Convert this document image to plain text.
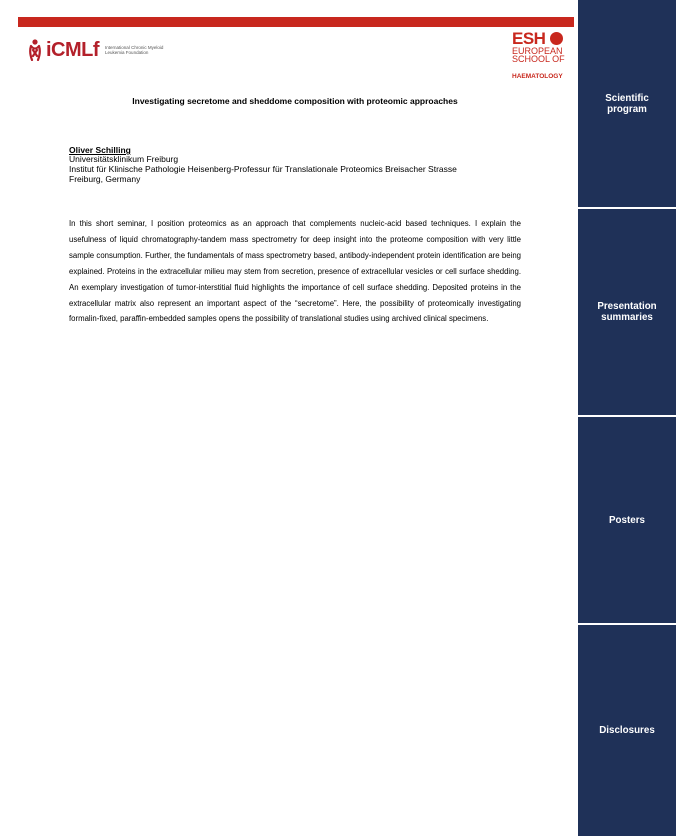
iCMLf International Chronic Myeloid Leukemia Foundation
ESH
EUROPEAN
SCHOOL OF
HAEMATOLOGY
Investigating secretome and sheddome composition with proteomic approaches
Oliver Schilling
Universitätsklinikum Freiburg
Institut für Klinische Pathologie Heisenberg-Professur für Translationale Proteomics Breisacher Strasse
Freiburg, Germany
In this short seminar, I position proteomics as an approach that complements nucleic-acid based techniques. I explain the usefulness of liquid chromatography-tandem mass spectrometry for deep insight into the proteome composition with very little sample consumption. Further, the fundamentals of mass spectrometry based, antibody-independent protein identification are being explained. Proteins in the extracellular milieu may stem from secretion, presence of extracellular vesicles or cell surface shedding. An exemplary investigation of tumor-interstitial fluid highlights the importance of cell surface shedding. Deposited proteins in the extracellular matrix also represent an important aspect of the “secretome”. Here, the possibility of proteomically investigating formalin-fixed, paraffin-embedded samples opens the possibility of translational studies using archived clinical specimens.
Scientific program
Presentation summaries
Posters
Disclosures
